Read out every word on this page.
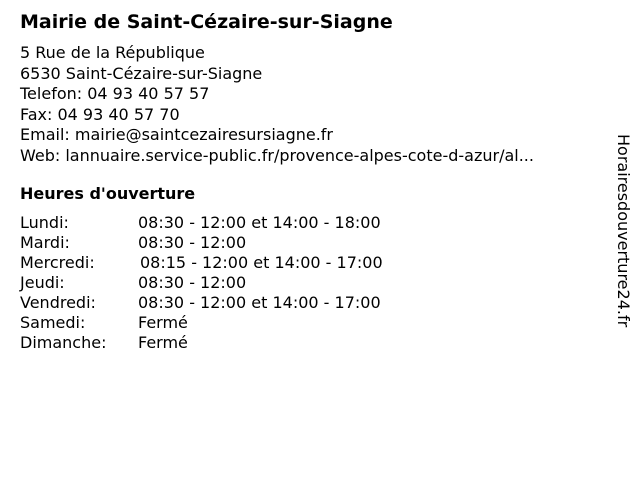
Mairie de Saint-Cézaire-sur-Siagne
5 Rue de la République
6530 Saint-Cézaire-sur-Siagne
Telefon: 04 93 40 57 57
Fax: 04 93 40 57 70
Email: mairie@saintcezairesursiagne.fr
Web: lannuaire.service-public.fr/provence-alpes-cote-d-azur/al...
Heures d'ouverture
Lundi:	08:30 - 12:00 et 14:00 - 18:00
Mardi:	08:30 - 12:00
Mercredi:	08:15 - 12:00 et 14:00 - 17:00
Jeudi:	08:30 - 12:00
Vendredi:	08:30 - 12:00 et 14:00 - 17:00
Samedi:	Fermé
Dimanche: Fermé
Horairesdouverture24.fr
